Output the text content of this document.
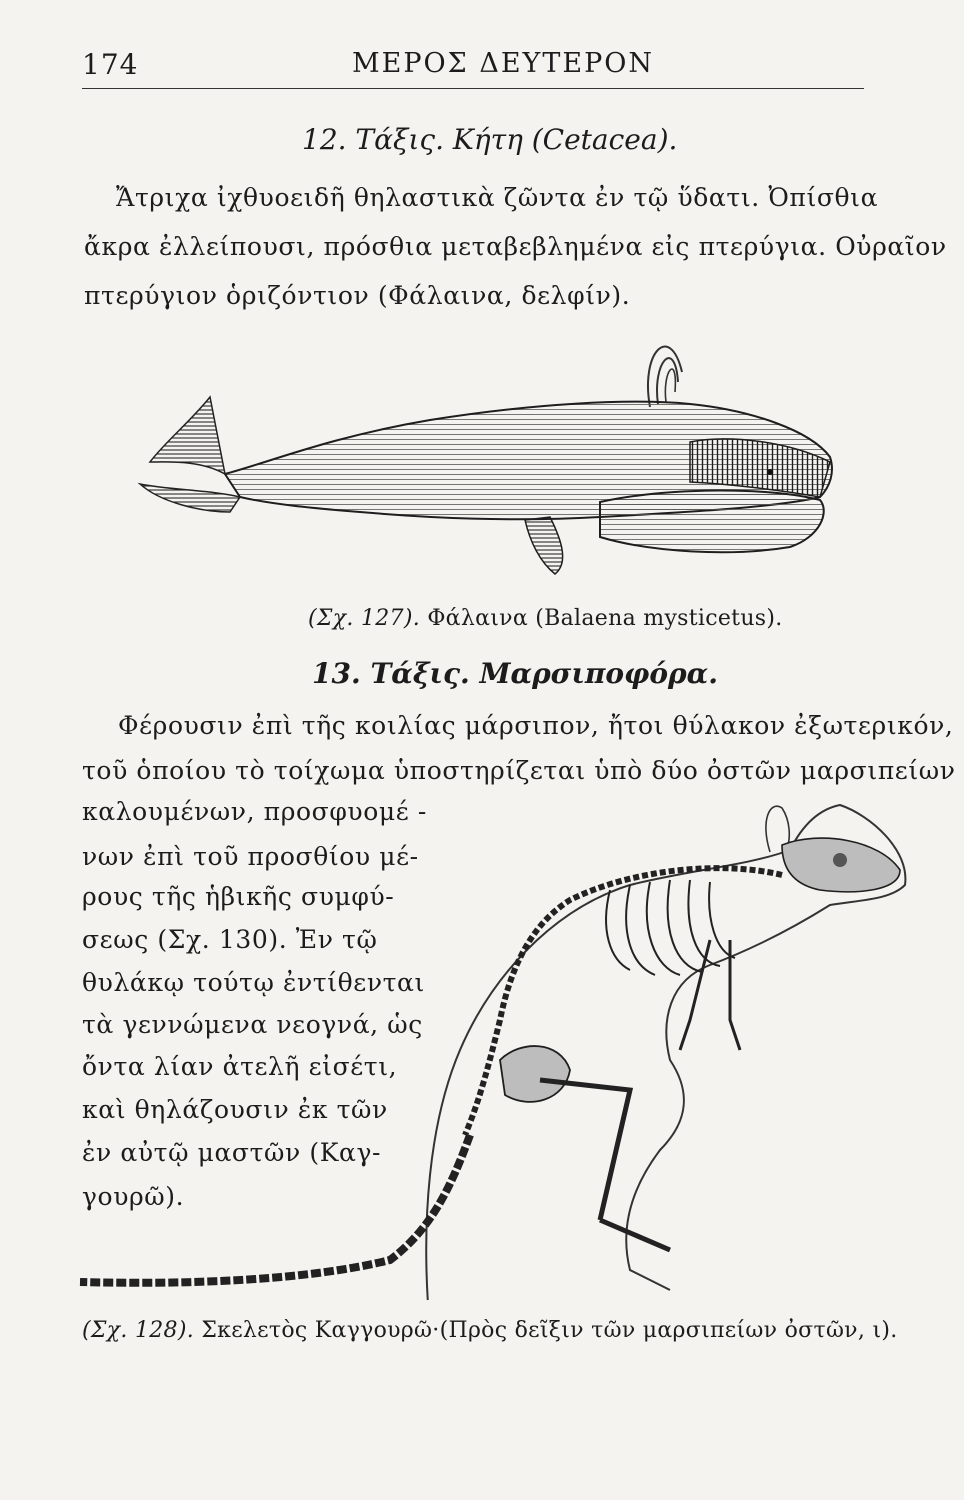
174	ΜΕΡΟΣ ΔΕΥΤΕΡΟΝ
12. Τάξις. Κήτη (Cetacea).
Ἄτριχα ἰχθυοειδῆ θηλαστικὰ ζῶντα ἐν τῷ ὕδατι. Ὀπίσθια
ἄκρα ἐλλείπουσι, πρόσθια μεταβεβλημένα εἰς πτερύγια. Οὐραῖον
πτερύγιον ὁριζόντιον (Φάλαινα, δελφίν).
(Σχ. 127). Φάλαινα (Balaena mysticetus).
13. Τάξις. Μαρσιποφόρα.
Φέρουσιν ἐπὶ τῆς κοιλίας μάρσιπον, ἤτοι θύλακον ἐξωτερικόν,
τοῦ ὁποίου τὸ τοίχωμα ὑποστηρίζεται ὑπὸ δύο ὀστῶν μαρσιπείων
καλουμένων, προσφυομέ -
νων ἐπὶ τοῦ προσθίου μέ-
ρους τῆς ἡβικῆς συμφύ-
σεως (Σχ. 130). Ἐν τῷ
θυλάκῳ τούτῳ ἐντίθενται
τὰ γεννώμενα νεογνά, ὡς
ὄντα λίαν ἀτελῆ εἰσέτι,
καὶ θηλάζουσιν ἐκ τῶν
ἐν αὐτῷ μαστῶν (Καγ-
γουρῶ).
(Σχ. 128). Σκελετὸς Καγγουρῶ·(Πρὸς δεῖξιν τῶν μαρσιπείων ὀστῶν, ι).
